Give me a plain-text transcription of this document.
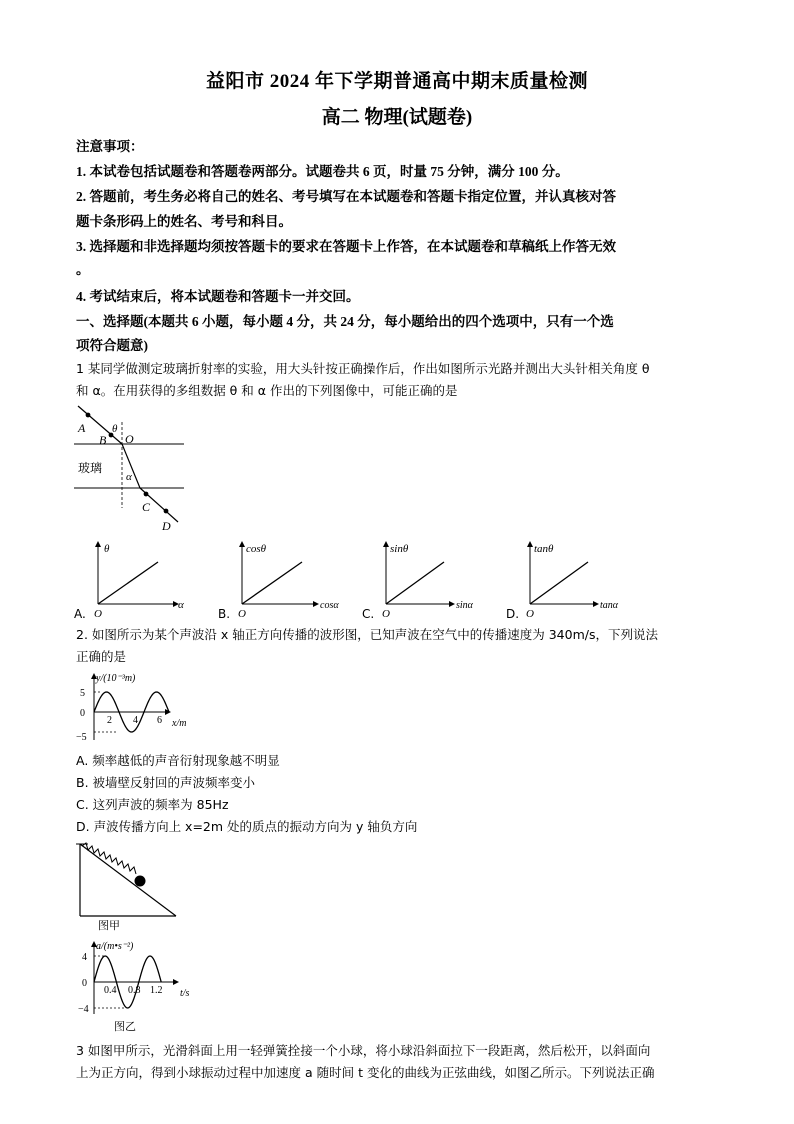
益阳市 2024 年下学期普通高中期末质量检测
高二 物理(试题卷)
注意事项：
1. 本试卷包括试题卷和答题卷两部分。试题卷共 6 页，时量 75 分钟，满分 100 分。
2. 答题前，考生务必将自己的姓名、考号填写在本试题卷和答题卡指定位置，并认真核对答
题卡条形码上的姓名、考号和科目。
3. 选择题和非选择题均须按答题卡的要求在答题卡上作答，在本试题卷和草稿纸上作答无效
。
4. 考试结束后，将本试题卷和答题卡一并交回。
一、选择题(本题共 6 小题，每小题 4 分，共 24 分，每小题给出的四个选项中，只有一个选
项符合题意)
1 某同学做测定玻璃折射率的实验，用大头针按正确操作后，作出如图所示光路并测出大头针相关角度 θ
和 α。在用获得的多组数据 θ 和 α 作出的下列图像中，可能正确的是
A
B O
C
D
θ
α
玻璃
θ
α
O
A.
cosθ
cosα
O
B.
sinθ
sinα
O
C.
tanθ
tanα
O
D.
2. 如图所示为某个声波沿 x 轴正方向传播的波形图，已知声波在空气中的传播速度为 340m/s，下列说法
正确的是
y/(10⁻³m)
x/m
5
0
−5
2 4 6
A. 频率越低的声音衍射现象越不明显
B. 被墙壁反射回的声波频率变小
C. 这列声波的频率为 85Hz
D. 声波传播方向上 x=2m 处的质点的振动方向为 y 轴负方向
图甲
a/(m•s⁻²)
t/s
4
0
−4
0.4 0.8 1.2
图乙
3 如图甲所示，光滑斜面上用一轻弹簧拴接一个小球，将小球沿斜面拉下一段距离，然后松开，以斜面向
上为正方向，得到小球振动过程中加速度 a 随时间 t 变化的曲线为正弦曲线，如图乙所示。下列说法正确
